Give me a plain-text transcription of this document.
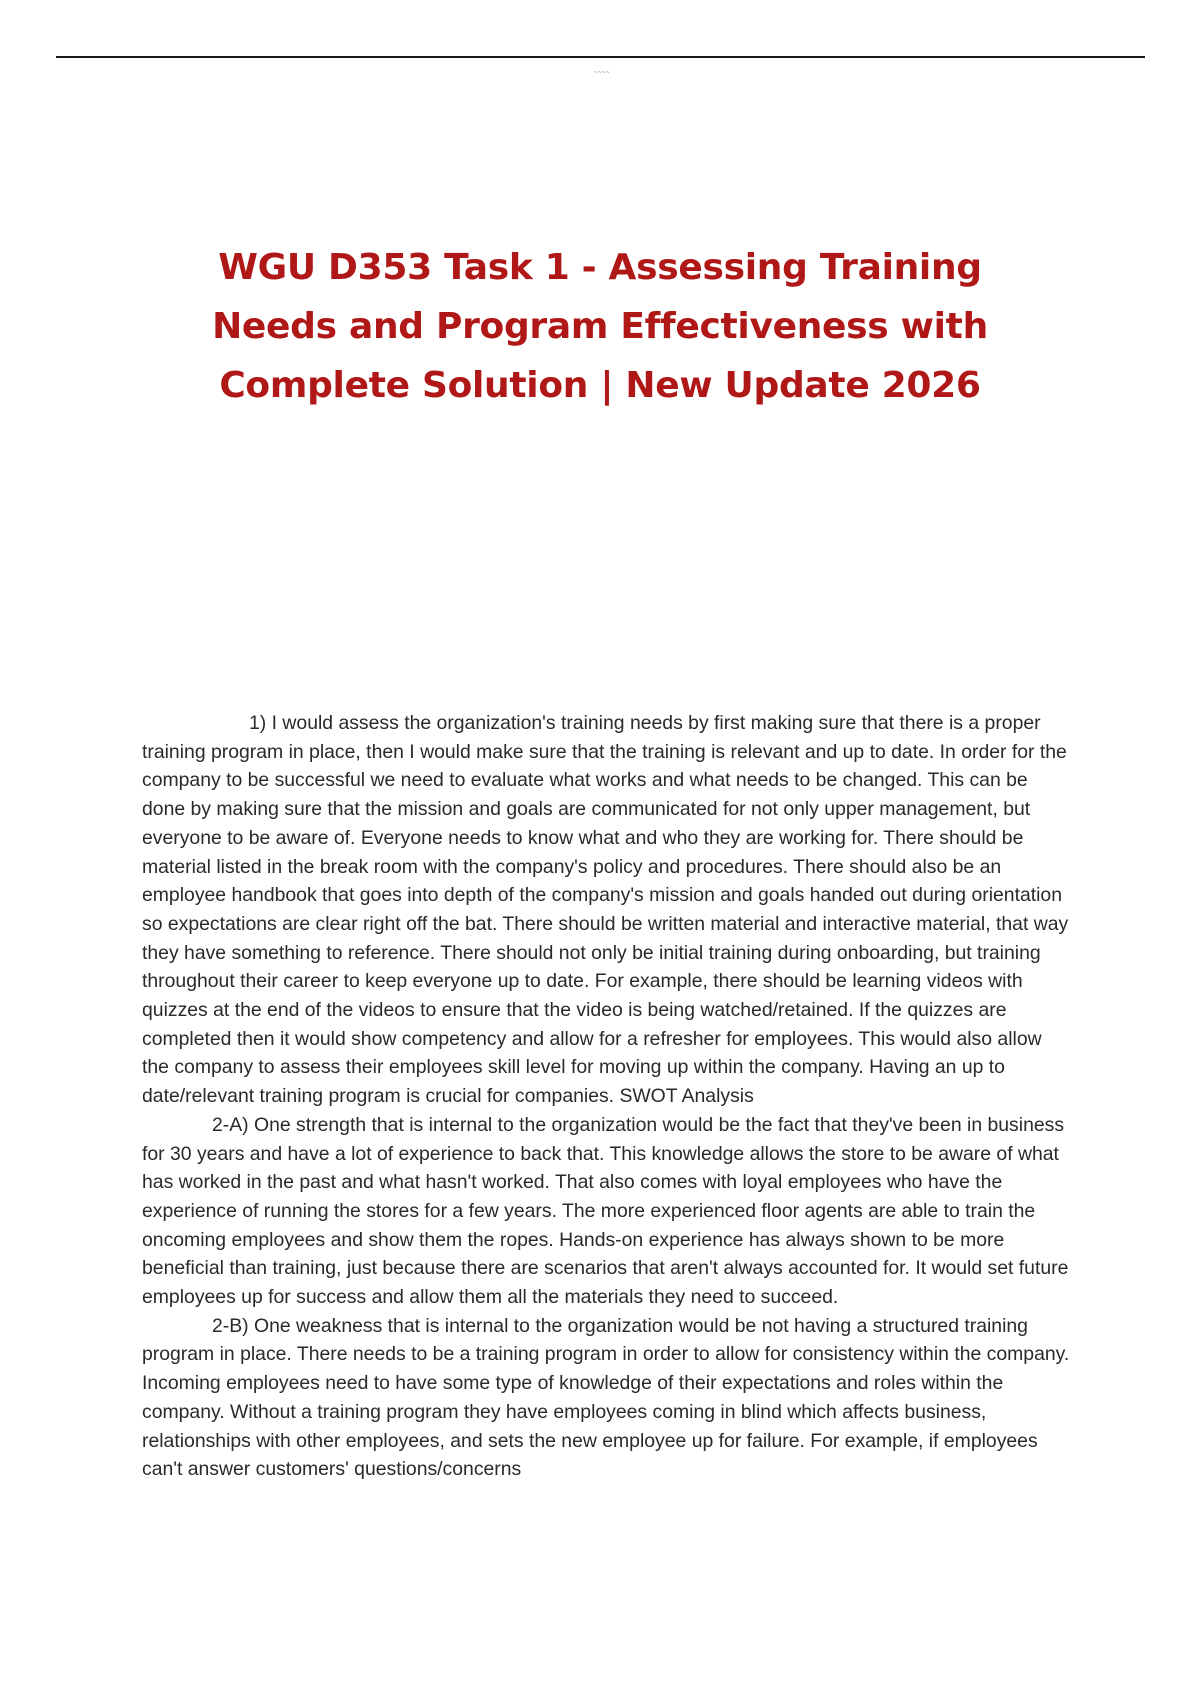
~~~~
WGU D353 Task 1 - Assessing Training Needs and Program Effectiveness with Complete Solution | New Update 2026

1) I would assess the organization's training needs by first making sure that there is a proper training program in place, then I would make sure that the training is relevant and up to date. In order for the company to be successful we need to evaluate what works and what needs to be changed. This can be done by making sure that the mission and goals are communicated for not only upper management, but everyone to be aware of. Everyone needs to know what and who they are working for. There should be material listed in the break room with the company's policy and procedures. There should also be an employee handbook that goes into depth of the company's mission and goals handed out during orientation so expectations are clear right off the bat. There should be written material and interactive material, that way they have something to reference. There should not only be initial training during onboarding, but training throughout their career to keep everyone up to date. For example, there should be learning videos with quizzes at the end of the videos to ensure that the video is being watched/retained. If the quizzes are completed then it would show competency and allow for a refresher for employees. This would also allow the company to assess their employees skill level for moving up within the company. Having an up to date/relevant training program is crucial for companies. SWOT Analysis

2-A) One strength that is internal to the organization would be the fact that they've been in business for 30 years and have a lot of experience to back that. This knowledge allows the store to be aware of what has worked in the past and what hasn't worked. That also comes with loyal employees who have the experience of running the stores for a few years. The more experienced floor agents are able to train the oncoming employees and show them the ropes. Hands-on experience has always shown to be more beneficial than training, just because there are scenarios that aren't always accounted for. It would set future employees up for success and allow them all the materials they need to succeed.

2-B) One weakness that is internal to the organization would be not having a structured training program in place. There needs to be a training program in order to allow for consistency within the company. Incoming employees need to have some type of knowledge of their expectations and roles within the company. Without a training program they have employees coming in blind which affects business, relationships with other employees, and sets the new employee up for failure. For example, if employees can't answer customers' questions/concerns
